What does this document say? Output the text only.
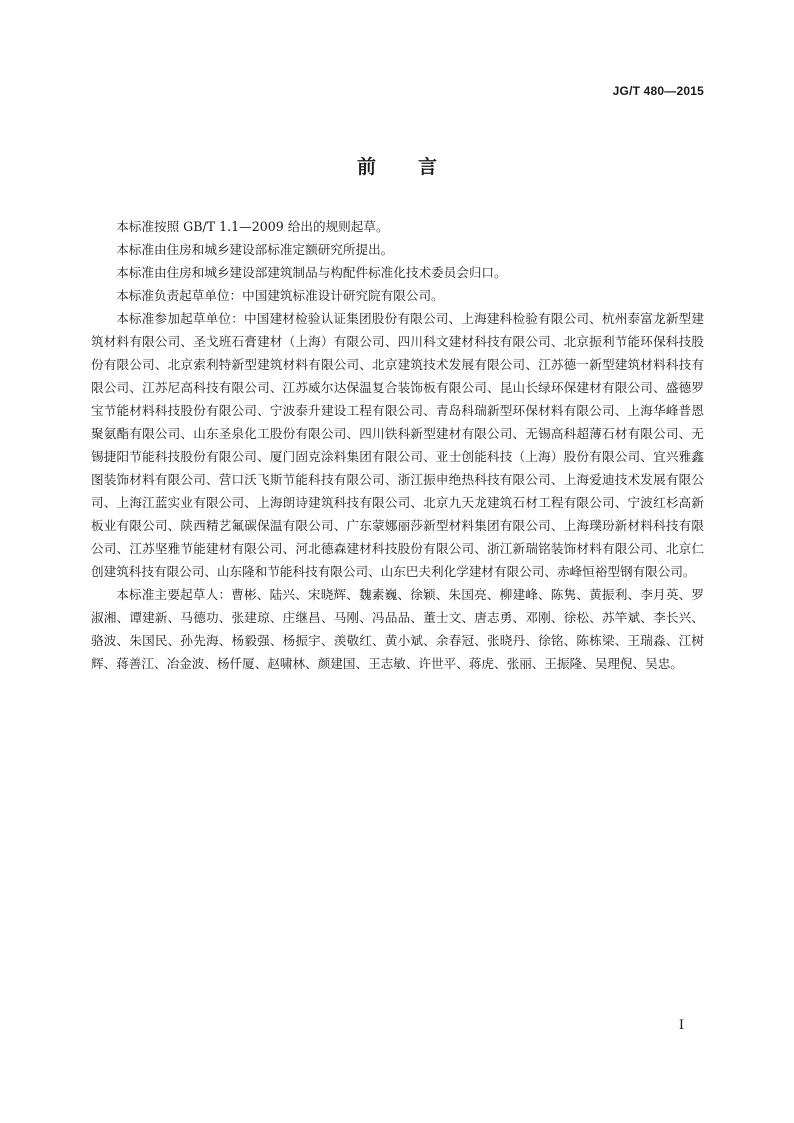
JG/T 480—2015
前言

本标准按照 GB/T 1.1—2009 给出的规则起草。

本标准由住房和城乡建设部标准定额研究所提出。

本标准由住房和城乡建设部建筑制品与构配件标准化技术委员会归口。

本标准负责起草单位：中国建筑标准设计研究院有限公司。

本标准参加起草单位：中国建材检验认证集团股份有限公司、上海建科检验有限公司、杭州泰富龙新型建筑材料有限公司、圣戈班石膏建材（上海）有限公司、四川科文建材科技有限公司、北京振利节能环保科技股份有限公司、北京索利特新型建筑材料有限公司、北京建筑技术发展有限公司、江苏德一新型建筑材料科技有限公司、江苏尼高科技有限公司、江苏威尔达保温复合装饰板有限公司、昆山长绿环保建材有限公司、盛德罗宝节能材料科技股份有限公司、宁波泰升建设工程有限公司、青岛科瑞新型环保材料有限公司、上海华峰普恩聚氨酯有限公司、山东圣泉化工股份有限公司、四川铁科新型建材有限公司、无锡高科超薄石材有限公司、无锡捷阳节能科技股份有限公司、厦门固克涂料集团有限公司、亚士创能科技（上海）股份有限公司、宜兴雅鑫图装饰材料有限公司、营口沃飞斯节能科技有限公司、浙江振申绝热科技有限公司、上海爱迪技术发展有限公司、上海江蓝实业有限公司、上海朗诗建筑科技有限公司、北京九天龙建筑石材工程有限公司、宁波红杉高新板业有限公司、陕西精艺氟碳保温有限公司、广东蒙娜丽莎新型材料集团有限公司、上海璞玢新材料科技有限公司、江苏坚雅节能建材有限公司、河北德森建材科技股份有限公司、浙江新瑞铭装饰材料有限公司、北京仁创建筑科技有限公司、山东隆和节能科技有限公司、山东巴夫利化学建材有限公司、赤峰恒裕型钢有限公司。

本标准主要起草人：曹彬、陆兴、宋晓辉、魏素巍、徐颖、朱国亮、柳建峰、陈隽、黄振利、李月英、罗淑湘、谭建新、马德功、张建琼、庄继昌、马刚、冯品品、董士文、唐志勇、邓刚、徐松、苏竿斌、李长兴、骆波、朱国民、孙先海、杨毅强、杨振宇、羡敬红、黄小斌、余春冠、张晓丹、徐铭、陈栋梁、王瑞淼、江树辉、蒋善江、冶金波、杨仟厦、赵啸林、颜建国、王志敏、许世平、蒋虎、张丽、王振隆、吴理倪、吴忠。

I
